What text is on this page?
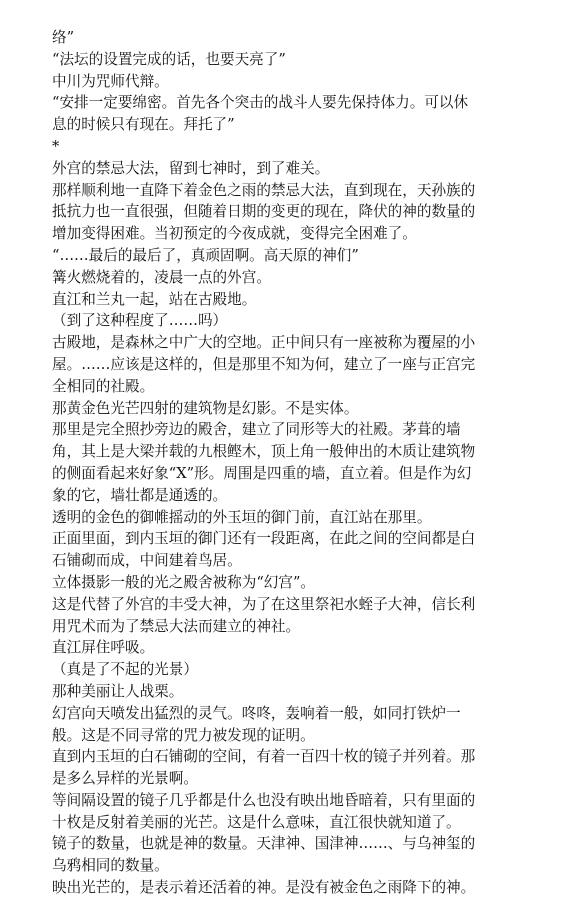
络”
“法坛的设置完成的话，也要天亮了”
中川为咒师代辩。
“安排一定要绵密。首先各个突击的战斗人要先保持体力。可以休
息的时候只有现在。拜托了”
*
外宫的禁忌大法，留到七神时，到了难关。
那样顺利地一直降下着金色之雨的禁忌大法，直到现在，天孙族的
抵抗力也一直很强，但随着日期的变更的现在，降伏的神的数量的
增加变得困难。当初预定的今夜成就，变得完全困难了。
“……最后的最后了，真顽固啊。高天原的神们”
篝火燃烧着的，凌晨一点的外宫。
直江和兰丸一起，站在古殿地。
（到了这种程度了……吗）
古殿地，是森林之中广大的空地。正中间只有一座被称为覆屋的小
屋。……应该是这样的，但是那里不知为何，建立了一座与正宫完
全相同的社殿。
那黄金色光芒四射的建筑物是幻影。不是实体。
那里是完全照抄旁边的殿舍，建立了同形等大的社殿。茅葺的墙
角，其上是大梁并载的九根鲣木，顶上角一般伸出的木质让建筑物
的侧面看起来好象“X”形。周围是四重的墙，直立着。但是作为幻
象的它，墙壮都是通透的。
透明的金色的御帷摇动的外玉垣的御门前，直江站在那里。
正面里面，到内玉垣的御门还有一段距离，在此之间的空间都是白
石铺砌而成，中间建着鸟居。
立体摄影一般的光之殿舍被称为“幻宫”。
这是代替了外宫的丰受大神，为了在这里祭祀水蛭子大神，信长利
用咒术而为了禁忌大法而建立的神社。
直江屏住呼吸。
（真是了不起的光景）
那种美丽让人战栗。
幻宫向天喷发出猛烈的灵气。咚咚，轰响着一般，如同打铁炉一
般。这是不同寻常的咒力被发现的证明。
直到内玉垣的白石铺砌的空间，有着一百四十枚的镜子并列着。那
是多么异样的光景啊。
等间隔设置的镜子几乎都是什么也没有映出地昏暗着，只有里面的
十枚是反射着美丽的光芒。这是什么意味，直江很快就知道了。
镜子的数量，也就是神的数量。天津神、国津神……、与乌神玺的
乌鸦相同的数量。
映出光芒的，是表示着还活着的神。是没有被金色之雨降下的神。
